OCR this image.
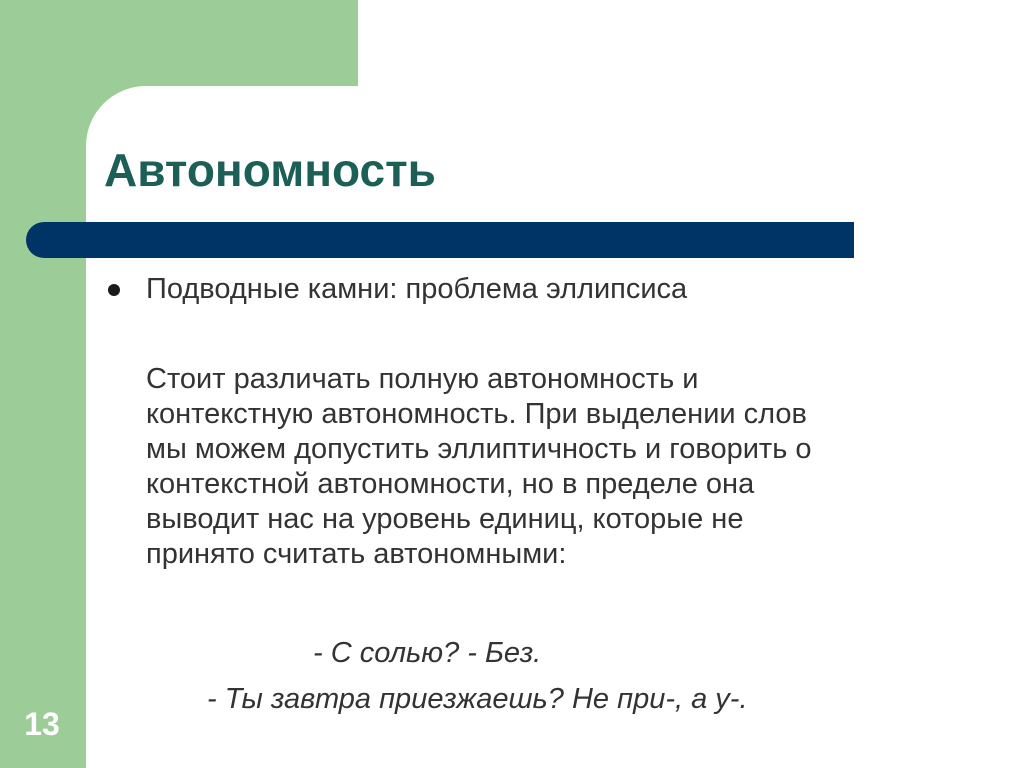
Автономность
Подводные камни: проблема эллипсиса
Стоит различать полную автономность и
контекстную автономность. При выделении слов
мы можем допустить эллиптичность и говорить о
контекстной автономности, но в пределе она
выводит нас на уровень единиц, которые не
принято считать автономными:
- С солью? - Без.
- Ты завтра приезжаешь? Не при-, а у-.
13
